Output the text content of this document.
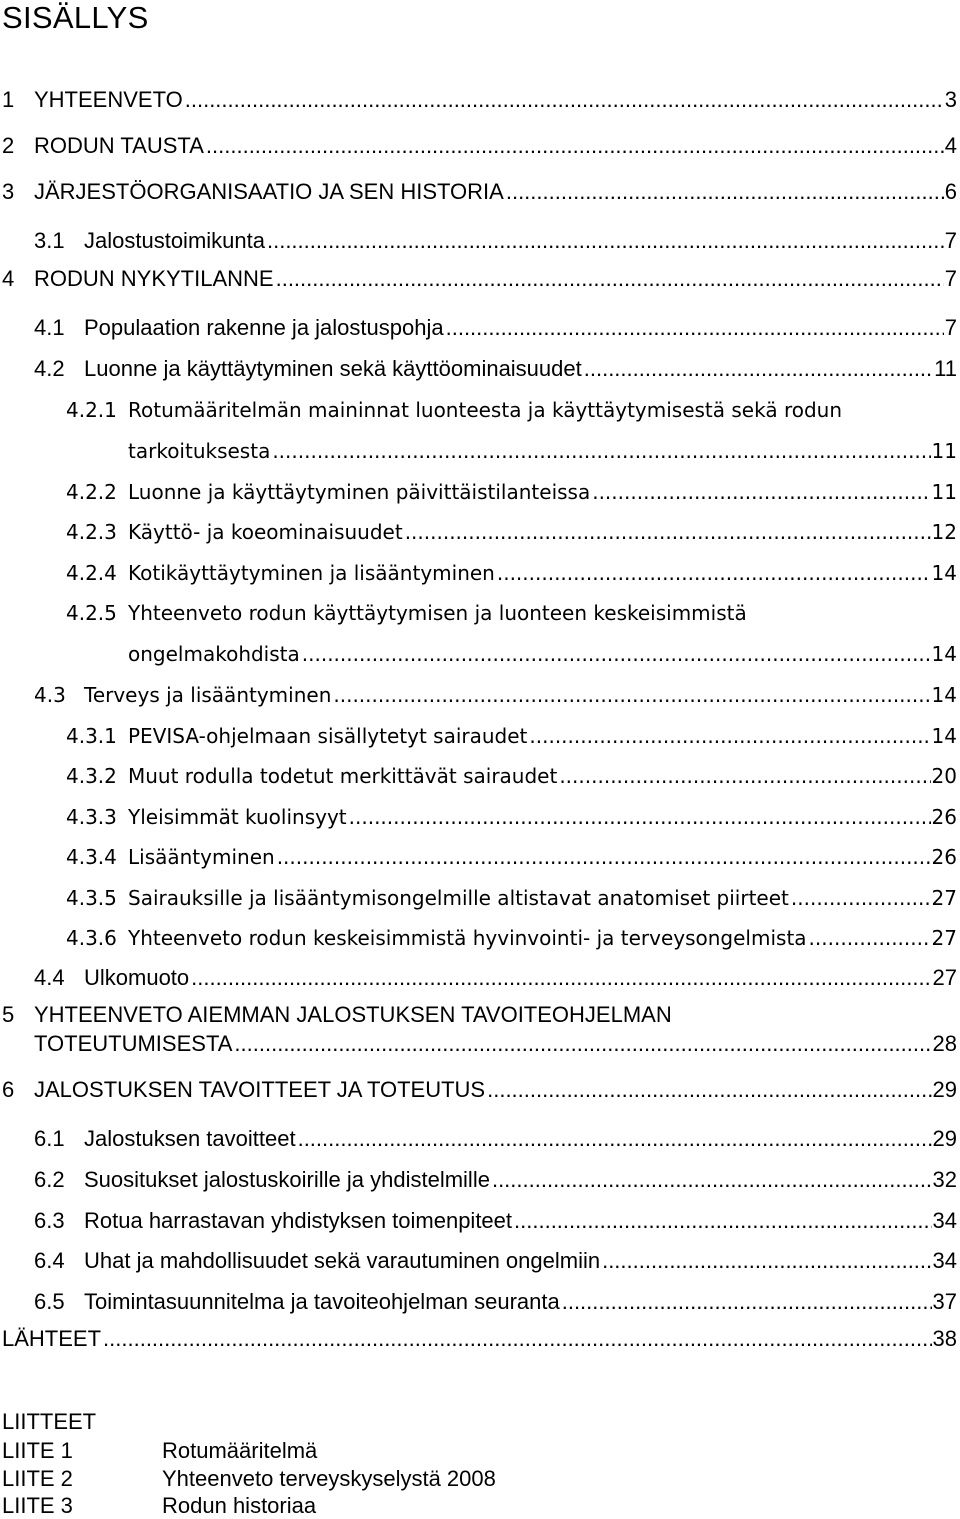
SISÄLLYS
1 YHTEENVETO .....	3
2 RODUN TAUSTA .....	4
3 JÄRJESTÖORGANISAATIO JA SEN HISTORIA .....	6
3.1 Jalostustoimikunta .....	7
4 RODUN NYKYTILANNE .....	7
4.1 Populaation rakenne ja jalostuspohja .....	7
4.2 Luonne ja käyttäytyminen sekä käyttöominaisuudet .....	11
4.2.1 Rotumääritelmän maininnat luonteesta ja käyttäytymisestä sekä rodun
tarkoituksesta .....	11
4.2.2 Luonne ja käyttäytyminen päivittäistilanteissa .....	11
4.2.3 Käyttö- ja koeominaisuudet .....	12
4.2.4 Kotikäyttäytyminen ja lisääntyminen .....	14
4.2.5 Yhteenveto rodun käyttäytymisen ja luonteen keskeisimmistä
ongelmakohdista .....	14
4.3 Terveys ja lisääntyminen .....	14
4.3.1 PEVISA-ohjelmaan sisällytetyt sairaudet .....	14
4.3.2 Muut rodulla todetut merkittävät sairaudet .....	20
4.3.3 Yleisimmät kuolinsyyt .....	26
4.3.4 Lisääntyminen .....	26
4.3.5 Sairauksille ja lisääntymisongelmille altistavat anatomiset piirteet .....	27
4.3.6 Yhteenveto rodun keskeisimmistä hyvinvointi- ja terveysongelmista .....	27
4.4 Ulkomuoto .....	27
5 YHTEENVETO AIEMMAN JALOSTUKSEN TAVOITEOHJELMAN
TOTEUTUMISESTA .....	28
6 JALOSTUKSEN TAVOITTEET JA TOTEUTUS .....	29
6.1 Jalostuksen tavoitteet .....	29
6.2 Suositukset jalostuskoirille ja yhdistelmille .....	32
6.3 Rotua harrastavan yhdistyksen toimenpiteet .....	34
6.4 Uhat ja mahdollisuudet sekä varautuminen ongelmiin .....	34
6.5 Toimintasuunnitelma ja tavoiteohjelman seuranta .....	37
LÄHTEET .....	38
LIITTEET
LIITE 1	Rotumääritelmä
LIITE 2	Yhteenveto terveyskyselystä 2008
LIITE 3	Rodun historiaa
